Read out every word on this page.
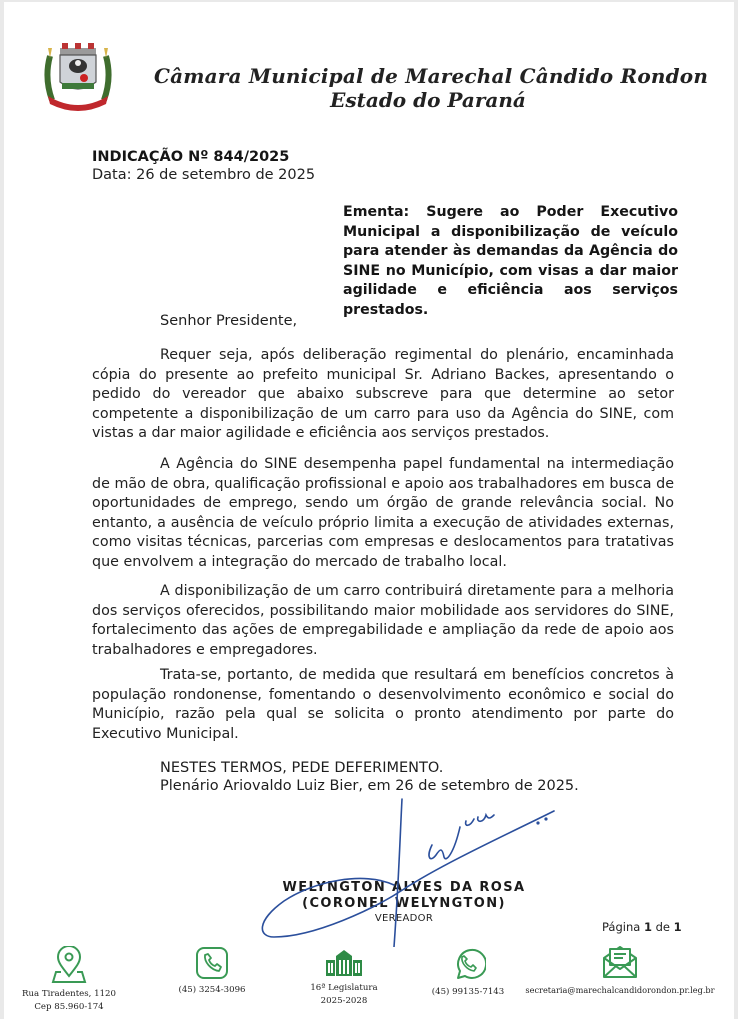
Câmara Municipal de Marechal Cândido Rondon
Estado do Paraná
INDICAÇÃO Nº 844/2025
Data: 26 de setembro de 2025
Ementa: Sugere ao Poder Executivo Municipal a disponibilização de veículo para atender às demandas da Agência do SINE no Município, com visas a dar maior agilidade e eficiência aos serviços prestados.
Senhor Presidente,
Requer seja, após deliberação regimental do plenário, encaminhada cópia do presente ao prefeito municipal Sr. Adriano Backes, apresentando o pedido do vereador que abaixo subscreve para que determine ao setor competente a disponibilização de um carro para uso da Agência do SINE, com vistas a dar maior agilidade e eficiência aos serviços prestados.
A Agência do SINE desempenha papel fundamental na intermediação de mão de obra, qualificação profissional e apoio aos trabalhadores em busca de oportunidades de emprego, sendo um órgão de grande relevância social. No entanto, a ausência de veículo próprio limita a execução de atividades externas, como visitas técnicas, parcerias com empresas e deslocamentos para tratativas que envolvem a integração do mercado de trabalho local.
A disponibilização de um carro contribuirá diretamente para a melhoria dos serviços oferecidos, possibilitando maior mobilidade aos servidores do SINE, fortalecimento das ações de empregabilidade e ampliação da rede de apoio aos trabalhadores e empregadores.
Trata-se, portanto, de medida que resultará em benefícios concretos à população rondonense, fomentando o desenvolvimento econômico e social do Município, razão pela qual se solicita o pronto atendimento por parte do Executivo Municipal.
NESTES TERMOS, PEDE DEFERIMENTO.
Plenário Ariovaldo Luiz Bier, em 26 de setembro de 2025.
WELYNGTON ALVES DA ROSA
(CORONEL WELYNGTON)
VEREADOR
Página 1 de 1
Rua Tiradentes, 1120
Cep 85.960-174
(45) 3254-3096	16ª Legislatura
2025-2028
(45) 99135-7143	secretaria@marechalcandidorondon.pr.leg.br
